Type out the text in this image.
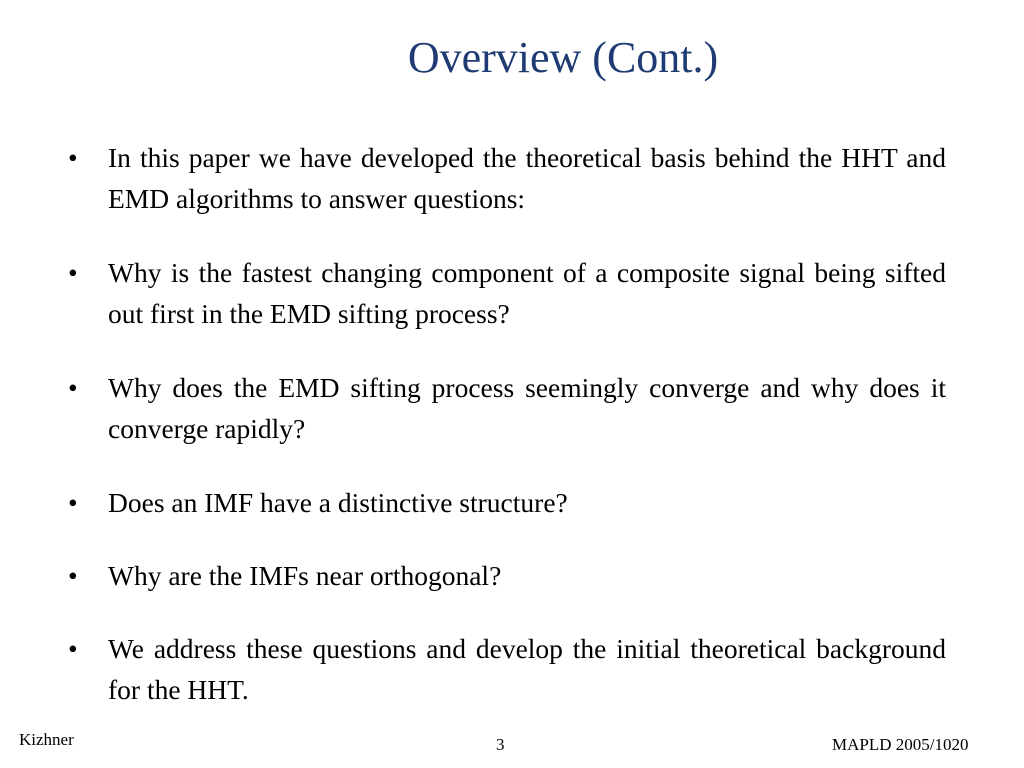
Overview (Cont.)
•	In this paper we have developed the theoretical basis behind the HHT and EMD algorithms to answer questions:
•	Why is the fastest changing component of a composite signal being sifted out first in the EMD sifting process?
•	Why does the EMD sifting process seemingly converge and why does it converge rapidly?
•	Does an IMF have a distinctive structure?
•	Why are the IMFs near orthogonal?
•	We address these questions and develop the initial theoretical background for the HHT.
Kizhner	3	MAPLD 2005/1020
